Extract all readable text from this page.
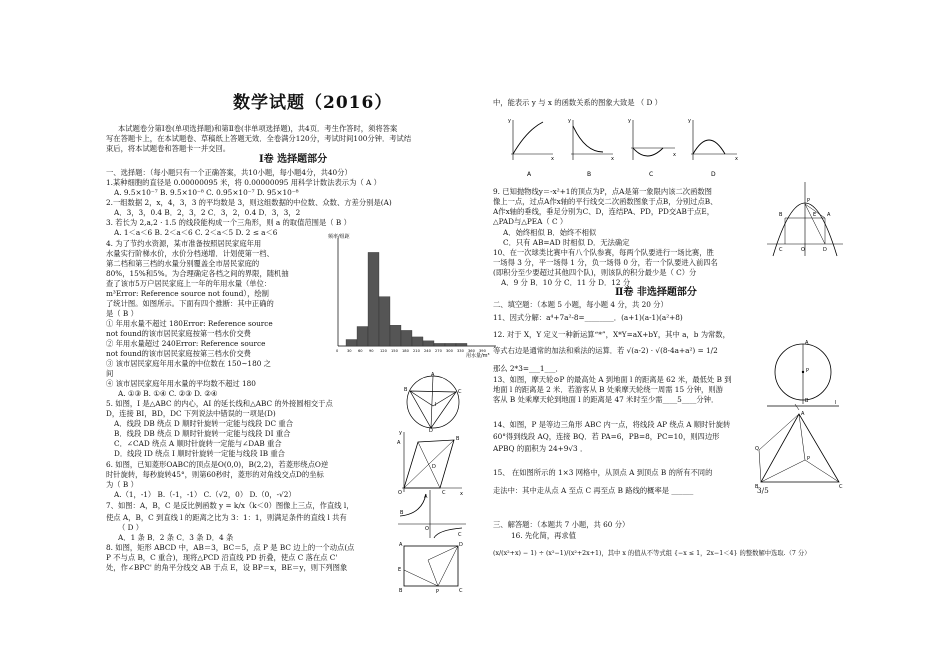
数学试题（2016）
本试题卷分第Ⅰ卷(单项选择题)和第Ⅱ卷(非单项选择题)，共4页．考生作答时，须将答案
写在答题卡上，在本试题卷、草稿纸上答题无效．全卷满分120分，考试时间100分钟．考试结
束后，将本试题卷和答题卡一并交回。
Ⅰ卷 选择题部分
一、选择题：（每小题只有一个正确答案，共10小题，每小题4分，共40分）
1.某种细胞的直径是 0.00000095 米，将 0.00000095 用科学计数法表示为（ A ）
A. 9.5×10⁻⁷ B. 9.5×10⁻⁸ C. 0.95×10⁻⁷ D. 95×10⁻⁸
2.一组数据 2，x，4，3，3 的平均数是 3，则这组数据的中位数、众数、方差分别是(A)
A．3，3，0.4 B．2，3，2 C．3，2，0.4 D．3，3，2
3. 若长为 2,a,2 · 1.5 的线段能构成一个三角形，则 a 的取值范围是（ B ）
A. 1＜a＜6 B. 2＜a＜6 C. 2＜a＜5 D. 2 ≤ a＜6
4. 为了节约水资源，某市准备按照居民家庭年用
水量实行阶梯水价，水价分档递增．计划使第一档、
第二档和第三档的水量分别覆盖全市居民家庭的
80%，15%和5%。为合理确定各档之间的界限，随机抽
查了该市5万户居民家庭上一年的年用水量（单位：
m³Error: Reference source not found），绘制
了统计图。如图所示。下面有四个推断：其中正确的
是（ B ）
① 年用水量不超过 180Error: Reference source
not found的该市居民家庭按第一档水价交费
② 年用水量超过 240Error: Reference source
not found的该市居民家庭按第三档水价交费
③ 该市居民家庭年用水量的中位数在 150~180 之
间
④ 该市居民家庭年用水量的平均数不超过 180
A. ①③ B. ①④ C. ②③ D. ②④
5. 如图，I 是△ABC 的内心，AI 的延长线和△ABC 的外接圆相交于点
D，连接 BI，BD，DC 下列说法中错误的一项是(D)
A．线段 DB 绕点 D 顺时针旋转一定能与线段 DC 重合
B．线段 DB 绕点 D 顺时针旋转一定能与线段 DI 重合
C．∠CAD 绕点 A 顺时针旋转一定能与∠DAB 重合
D．线段 ID 绕点 I 顺时针旋转一定能与线段 IB 重合
6. 如图，已知菱形OABC的顶点是O(0,0)，B(2,2)，若菱形绕点O逆
时针旋转，每秒旋转45°，则第60秒时，菱形的对角线交点D的坐标
为（ B ）
A.（1，-1） B.（-1，-1） C.（√2，0） D.（0，-√2）
7、如图：A，B，C 是反比例函数 y = k/x（k＜0）图像上三点，作直线 l，
使点 A，B，C 到直线 l 的距离之比为 3：1：1，则满足条件的直线 l 共有
（ D ）
A．1 条 B．2 条 C．3 条 D．4 条
8. 如图，矩形 ABCD 中，AB＝3，BC＝5，点 P 是 BC 边上的一个动点(点
P 不与点 B，C 重合)，现将△PCD 沿直线 PD 折叠，使点 C 落在点 C'
处，作∠BPC' 的角平分线交 AB 于点 E，设 BP＝x，BE＝y，则下列图象
频率/组距
用水量/m³
0 30 60 90 120 150 180 210 240 270 300 330 360 390
A
B	C
D
I
A
B
C
D
O	x
y
A
B
C
O
A	D
B	C
E
P
中，能表示 y 与 x 的函数关系的图象大致是 （ D ）
y
x
A
y
x
B
y
x
C
y
x
D
9. 已知抛物线y＝-x²+1的顶点为P，点A是第一象限内该二次函数图
像上一点，过点A作x轴的平行线交二次函数图象于点B，分别过点B、
A作x轴的垂线，垂足分别为C、D，连结PA、PD，PD交AB于点E，
△PAD与△PEA（ C ）
A．始终相似 B．始终不相似
C．只有 AB=AD 时相似 D．无法确定
10、在一次球类比赛中有八个队参赛，每两个队要进行一场比赛，胜
一场得 3 分，平一场得 1 分，负一场得 0 分，若一个队要进入前四名
(即积分至少要超过其他四个队)，则该队的积分最少是（ C）分
A．9 分 B．10 分 C．11 分 D．12 分
P
B	A
E
C	O	D
Ⅱ卷 非选择题部分
二、填空题：（本题 5 小题，每小题 4 分，共 20 分）
11、因式分解：a⁴+7a²-8=________．(a+1)(a-1)(a²+8)
12. 对于 X，Y 定义一种新运算“*”，X*Y=aX+bY，其中 a，b 为常数，
等式右边是通常的加法和乘法的运算．若 √(a-2) · √(8-4a+a²) = 1/2
那么 2*3=___1___．
13、如图，摩天轮⊙P 的最高处 A 到地面 l 的距离是 62 米，最低处 B 到
地面 l 的距离是 2 米．若游客从 B 处乘摩天轮绕一周需 15 分钟，则游
客从 B 处乘摩天轮到地面 l 的距离是 47 米时至少需____5____分钟．
14、如图，P 是等边三角形 ABC 内一点，将线段 AP 绕点 A 顺时针旋转
60°得到线段 AQ，连接 BQ．若 PA=6，PB=8，PC=10，则四边形
APBQ 的面积为 24+9√3 ．
15、 在如图所示的 1×3 网格中，从顶点 A 到顶点 B 的所有不同的
走法中：其中走从点 A 至点 C 再至点 B 路线的概率是 ______	3/5
三、解答题：（本题共 7 小题，共 60 分）
16. 先化简，再求值
(x/(x²+x) − 1) ÷ (x²−1)/(x²+2x+1)，其中 x 的值从不等式组 {−x ≤ 1，2x−1＜4} 的整数解中选取.（7 分）
A
P
B	l
A
Q
P
B	C
